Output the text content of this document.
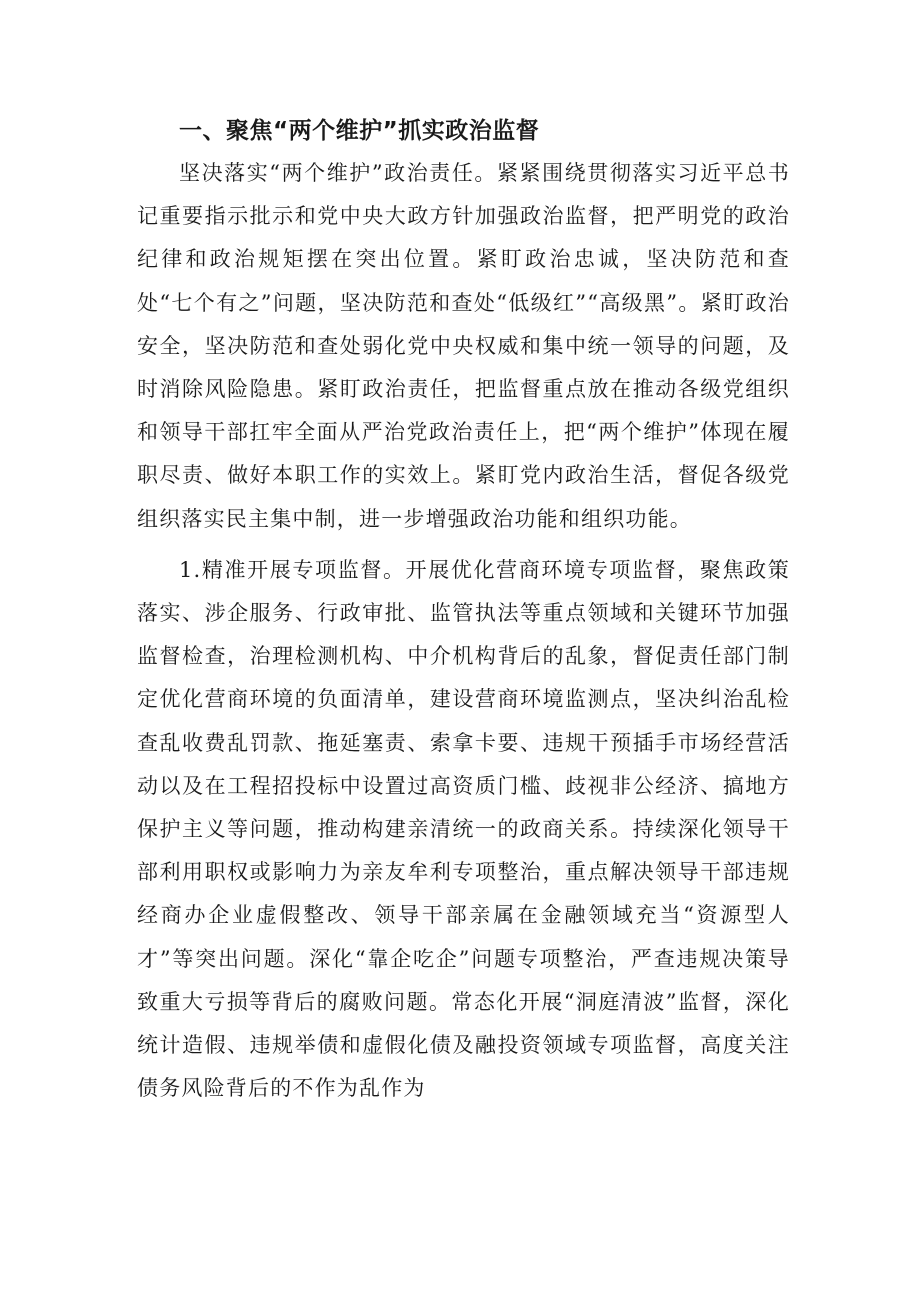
一、聚焦“两个维护”抓实政治监督

坚决落实“两个维护”政治责任。紧紧围绕贯彻落实习近平总书记重要指示批示和党中央大政方针加强政治监督，把严明党的政治纪律和政治规矩摆在突出位置。紧盯政治忠诚，坚决防范和查处“七个有之”问题，坚决防范和查处“低级红”“高级黑”。紧盯政治安全，坚决防范和查处弱化党中央权威和集中统一领导的问题，及时消除风险隐患。紧盯政治责任，把监督重点放在推动各级党组织和领导干部扛牢全面从严治党政治责任上，把“两个维护”体现在履职尽责、做好本职工作的实效上。紧盯党内政治生活，督促各级党组织落实民主集中制，进一步增强政治功能和组织功能。

1.精准开展专项监督。开展优化营商环境专项监督，聚焦政策落实、涉企服务、行政审批、监管执法等重点领域和关键环节加强监督检查，治理检测机构、中介机构背后的乱象，督促责任部门制定优化营商环境的负面清单，建设营商环境监测点，坚决纠治乱检查乱收费乱罚款、拖延塞责、索拿卡要、违规干预插手市场经营活动以及在工程招投标中设置过高资质门槛、歧视非公经济、搞地方保护主义等问题，推动构建亲清统一的政商关系。持续深化领导干部利用职权或影响力为亲友牟利专项整治，重点解决领导干部违规经商办企业虚假整改、领导干部亲属在金融领域充当“资源型人才”等突出问题。深化“靠企吃企”问题专项整治，严查违规决策导致重大亏损等背后的腐败问题。常态化开展“洞庭清波”监督，深化统计造假、违规举债和虚假化债及融投资领域专项监督，高度关注债务风险背后的不作为乱作为
